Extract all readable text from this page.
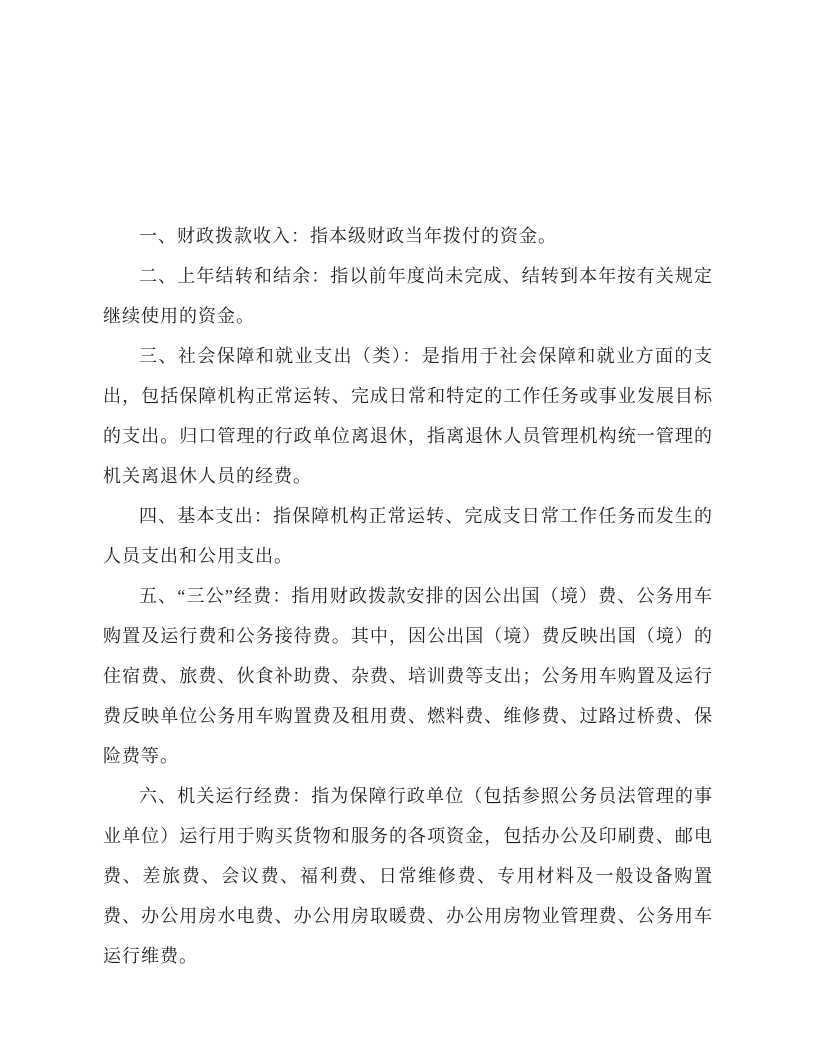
一、财政拨款收入：指本级财政当年拨付的资金。

二、上年结转和结余：指以前年度尚未完成、结转到本年按有关规定继续使用的资金。

三、社会保障和就业支出（类）：是指用于社会保障和就业方面的支出，包括保障机构正常运转、完成日常和特定的工作任务或事业发展目标的支出。归口管理的行政单位离退休，指离退休人员管理机构统一管理的机关离退休人员的经费。

四、基本支出：指保障机构正常运转、完成支日常工作任务而发生的人员支出和公用支出。

五、“三公”经费：指用财政拨款安排的因公出国（境）费、公务用车购置及运行费和公务接待费。其中，因公出国（境）费反映出国（境）的住宿费、旅费、伙食补助费、杂费、培训费等支出；公务用车购置及运行费反映单位公务用车购置费及租用费、燃料费、维修费、过路过桥费、保险费等。

六、机关运行经费：指为保障行政单位（包括参照公务员法管理的事业单位）运行用于购买货物和服务的各项资金，包括办公及印刷费、邮电费、差旅费、会议费、福利费、日常维修费、专用材料及一般设备购置费、办公用房水电费、办公用房取暖费、办公用房物业管理费、公务用车运行维费。
